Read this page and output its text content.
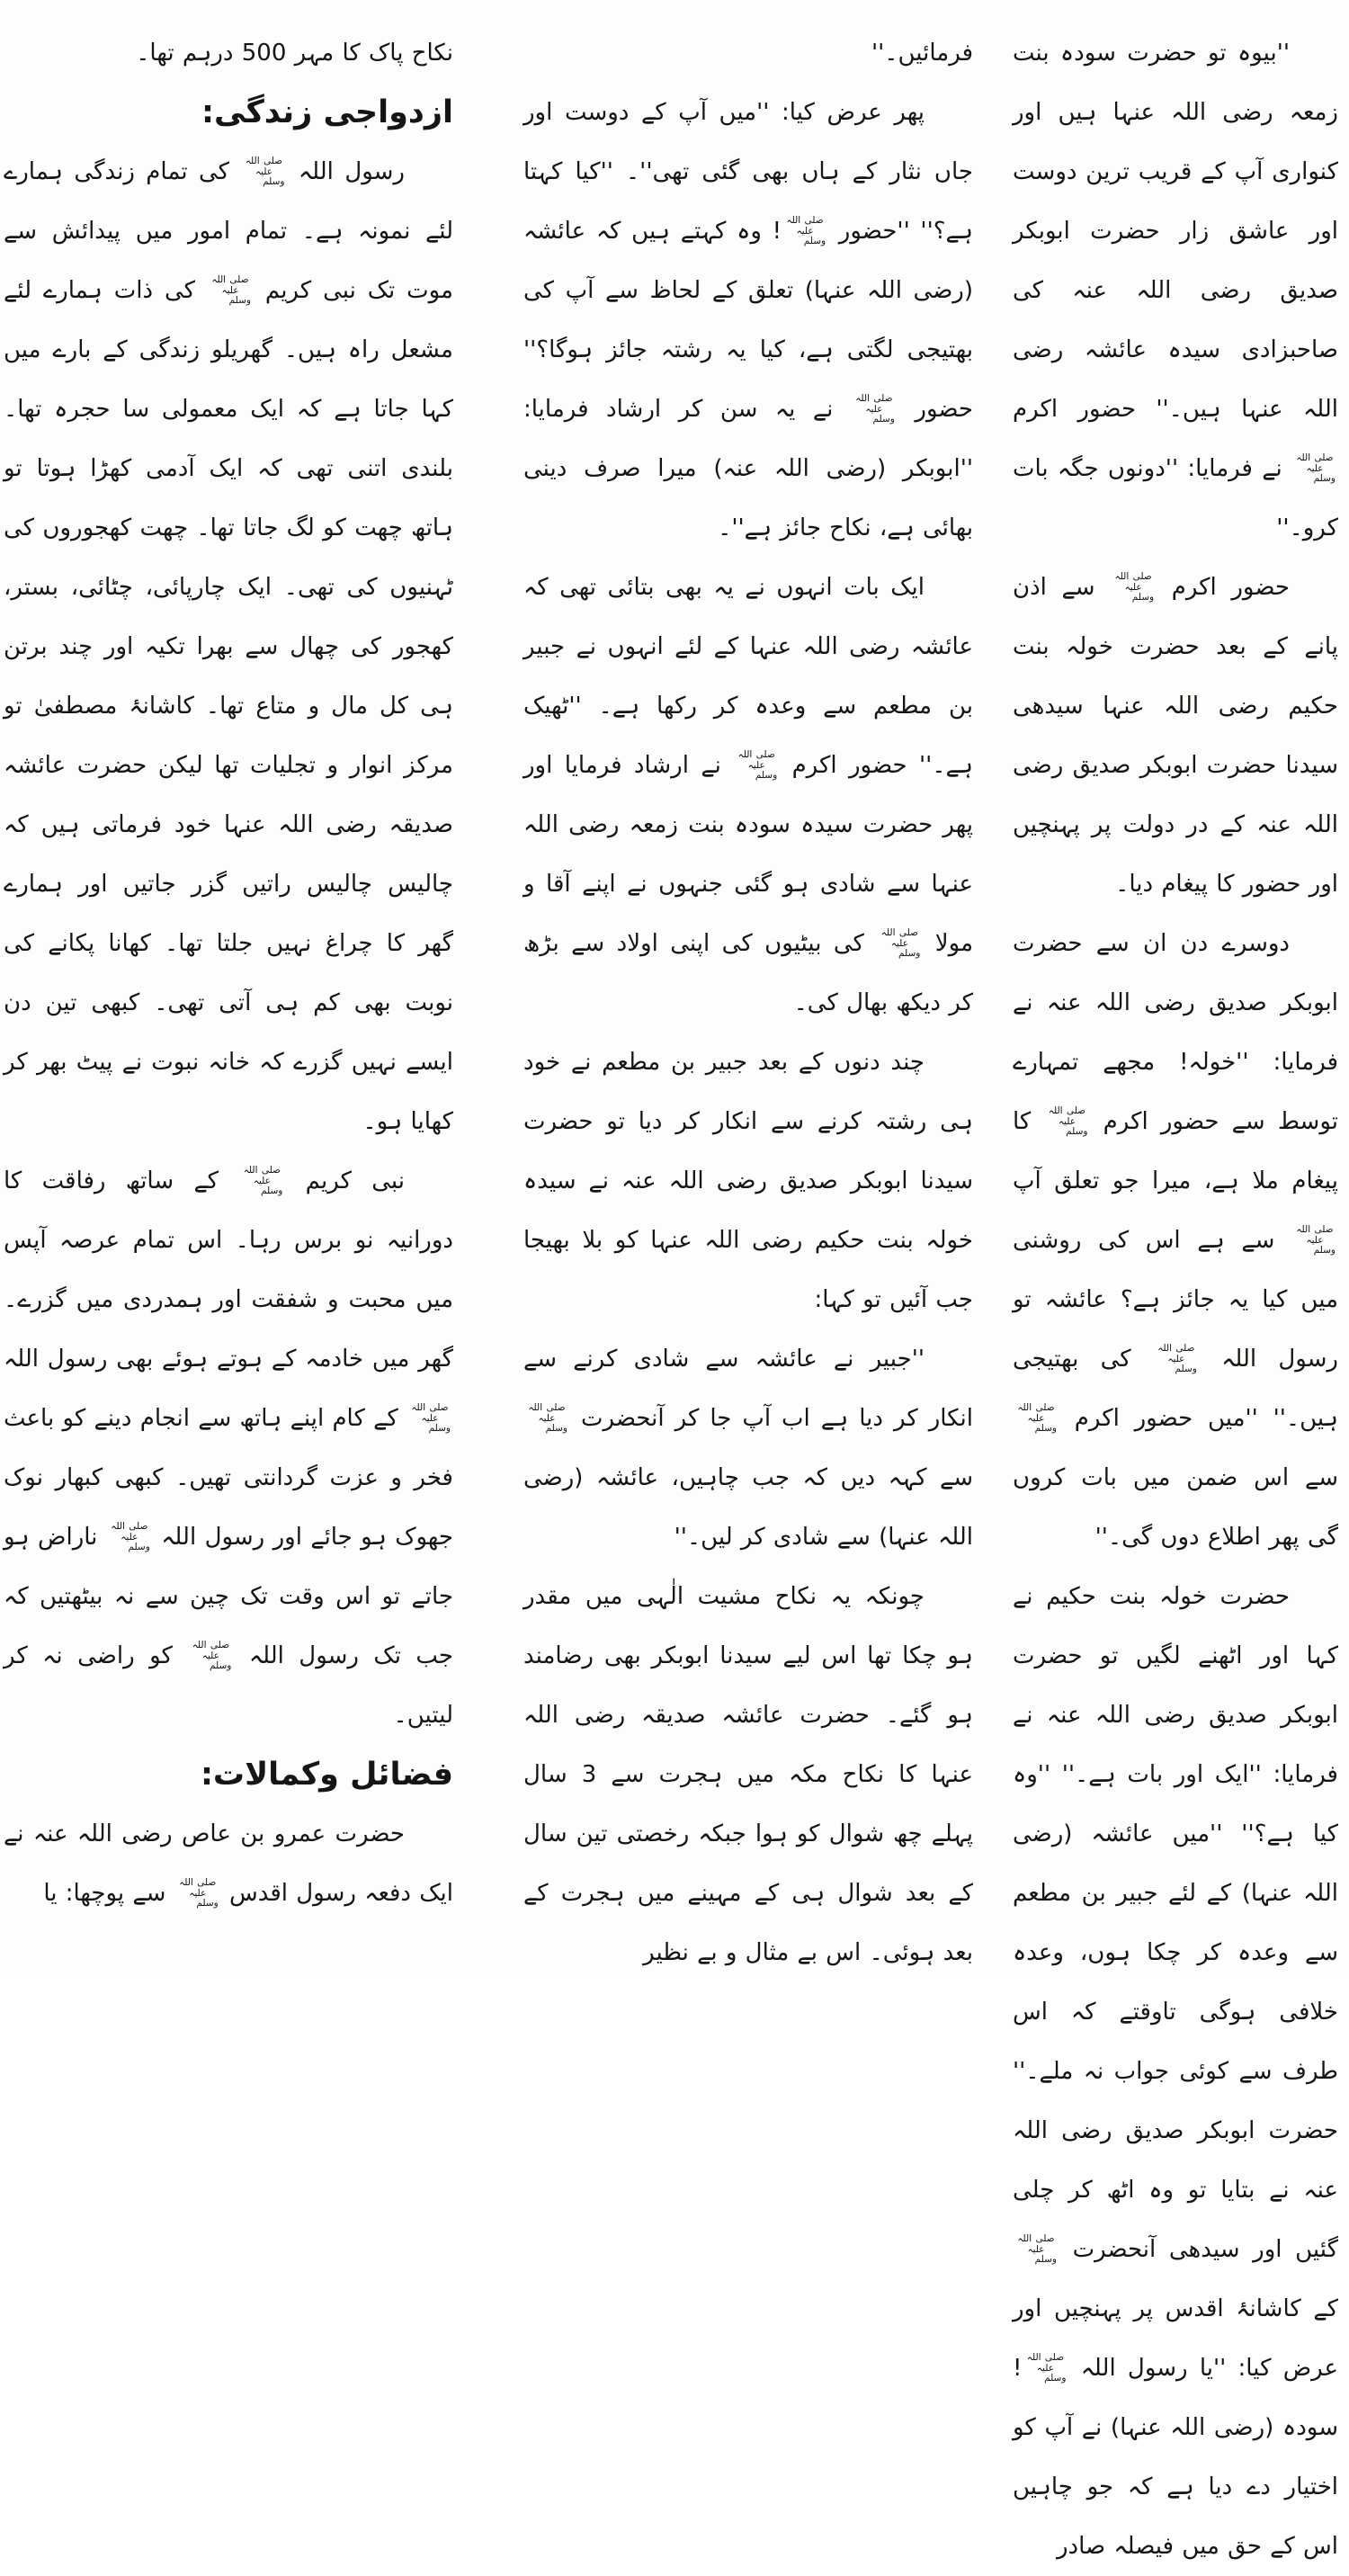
''بیوہ تو حضرت سودہ بنت زمعہ رضی اللہ عنہا ہیں اور کنواری آپ کے قریب ترین دوست اور عاشق زار حضرت ابوبکر صدیق رضی اللہ عنہ کی صاحبزادی سیدہ عائشہ رضی اللہ عنہا ہیں۔'' حضور اکرم صلی اللہ علیہ وسلم نے فرمایا: ''دونوں جگہ بات کرو۔''

حضور اکرم صلی اللہ علیہ وسلم سے اذن پانے کے بعد حضرت خولہ بنت حکیم رضی اللہ عنہا سیدھی سیدنا حضرت ابوبکر صدیق رضی اللہ عنہ کے در دولت پر پہنچیں اور حضور کا پیغام دیا۔

دوسرے دن ان سے حضرت ابوبکر صدیق رضی اللہ عنہ نے فرمایا: ''خولہ! مجھے تمہارے توسط سے حضور اکرم صلی اللہ علیہ وسلم کا پیغام ملا ہے، میرا جو تعلق آپ صلی اللہ علیہ وسلم سے ہے اس کی روشنی میں کیا یہ جائز ہے؟ عائشہ تو رسول اللہ صلی اللہ علیہ وسلم کی بھتیجی ہیں۔'' ''میں حضور اکرم صلی اللہ علیہ وسلم سے اس ضمن میں بات کروں گی پھر اطلاع دوں گی۔''

حضرت خولہ بنت حکیم نے کہا اور اٹھنے لگیں تو حضرت ابوبکر صدیق رضی اللہ عنہ نے فرمایا: ''ایک اور بات ہے۔'' ''وہ کیا ہے؟'' ''میں عائشہ (رضی اللہ عنہا) کے لئے جبیر بن مطعم سے وعدہ کر چکا ہوں، وعدہ خلافی ہوگی تاوقتے کہ اس طرف سے کوئی جواب نہ ملے۔'' حضرت ابوبکر صدیق رضی اللہ عنہ نے بتایا تو وہ اٹھ کر چلی گئیں اور سیدھی آنحضرت صلی اللہ علیہ وسلم کے کاشانۂ اقدس پر پہنچیں اور عرض کیا: ''یا رسول اللہ صلی اللہ علیہ وسلم! سودہ (رضی اللہ عنہا) نے آپ کو اختیار دے دیا ہے کہ جو چاہیں اس کے حق میں فیصلہ صادر

فرمائیں۔''

پھر عرض کیا: ''میں آپ کے دوست اور جاں نثار کے ہاں بھی گئی تھی''۔ ''کیا کہتا ہے؟'' ''حضور صلی اللہ علیہ وسلم! وہ کہتے ہیں کہ عائشہ (رضی اللہ عنہا) تعلق کے لحاظ سے آپ کی بھتیجی لگتی ہے، کیا یہ رشتہ جائز ہوگا؟'' حضور صلی اللہ علیہ وسلم نے یہ سن کر ارشاد فرمایا: ''ابوبکر (رضی اللہ عنہ) میرا صرف دینی بھائی ہے، نکاح جائز ہے''۔

ایک بات انہوں نے یہ بھی بتائی تھی کہ عائشہ رضی اللہ عنہا کے لئے انہوں نے جبیر بن مطعم سے وعدہ کر رکھا ہے۔ ''ٹھیک ہے۔'' حضور اکرم صلی اللہ علیہ وسلم نے ارشاد فرمایا اور پھر حضرت سیدہ سودہ بنت زمعہ رضی اللہ عنہا سے شادی ہو گئی جنہوں نے اپنے آقا و مولا صلی اللہ علیہ وسلم کی بیٹیوں کی اپنی اولاد سے بڑھ کر دیکھ بھال کی۔

چند دنوں کے بعد جبیر بن مطعم نے خود ہی رشتہ کرنے سے انکار کر دیا تو حضرت سیدنا ابوبکر صدیق رضی اللہ عنہ نے سیدہ خولہ بنت حکیم رضی اللہ عنہا کو بلا بھیجا جب آئیں تو کہا:

''جبیر نے عائشہ سے شادی کرنے سے انکار کر دیا ہے اب آپ جا کر آنحضرت صلی اللہ علیہ وسلم سے کہہ دیں کہ جب چاہیں، عائشہ (رضی اللہ عنہا) سے شادی کر لیں۔''

چونکہ یہ نکاح مشیت الٰہی میں مقدر ہو چکا تھا اس لیے سیدنا ابوبکر بھی رضامند ہو گئے۔ حضرت عائشہ صدیقہ رضی اللہ عنہا کا نکاح مکہ میں ہجرت سے 3 سال پہلے چھ شوال کو ہوا جبکہ رخصتی تین سال کے بعد شوال ہی کے مہینے میں ہجرت کے بعد ہوئی۔ اس بے مثال و بے نظیر

نکاح پاک کا مہر 500 درہم تھا۔

ازدواجی زندگی:

رسول اللہ صلی اللہ علیہ وسلم کی تمام زندگی ہمارے لئے نمونہ ہے۔ تمام امور میں پیدائش سے موت تک نبی کریم صلی اللہ علیہ وسلم کی ذات ہمارے لئے مشعل راہ ہیں۔ گھریلو زندگی کے بارے میں کہا جاتا ہے کہ ایک معمولی سا حجرہ تھا۔ بلندی اتنی تھی کہ ایک آدمی کھڑا ہوتا تو ہاتھ چھت کو لگ جاتا تھا۔ چھت کھجوروں کی ٹہنیوں کی تھی۔ ایک چارپائی، چٹائی، بستر، کھجور کی چھال سے بھرا تکیہ اور چند برتن ہی کل مال و متاع تھا۔ کاشانۂ مصطفیٰ تو مرکز انوار و تجلیات تھا لیکن حضرت عائشہ صدیقہ رضی اللہ عنہا خود فرماتی ہیں کہ چالیس چالیس راتیں گزر جاتیں اور ہمارے گھر کا چراغ نہیں جلتا تھا۔ کھانا پکانے کی نوبت بھی کم ہی آتی تھی۔ کبھی تین دن ایسے نہیں گزرے کہ خانہ نبوت نے پیٹ بھر کر کھایا ہو۔

نبی کریم صلی اللہ علیہ وسلم کے ساتھ رفاقت کا دورانیہ نو برس رہا۔ اس تمام عرصہ آپس میں محبت و شفقت اور ہمدردی میں گزرے۔ گھر میں خادمہ کے ہوتے ہوئے بھی رسول اللہ صلی اللہ علیہ وسلم کے کام اپنے ہاتھ سے انجام دینے کو باعث فخر و عزت گردانتی تھیں۔ کبھی کبھار نوک جھوک ہو جائے اور رسول اللہ صلی اللہ علیہ وسلم ناراض ہو جاتے تو اس وقت تک چین سے نہ بیٹھتیں کہ جب تک رسول اللہ صلی اللہ علیہ وسلم کو راضی نہ کر لیتیں۔

فضائل وکمالات:

حضرت عمرو بن عاص رضی اللہ عنہ نے ایک دفعہ رسول اقدس صلی اللہ علیہ وسلم سے پوچھا: یا
